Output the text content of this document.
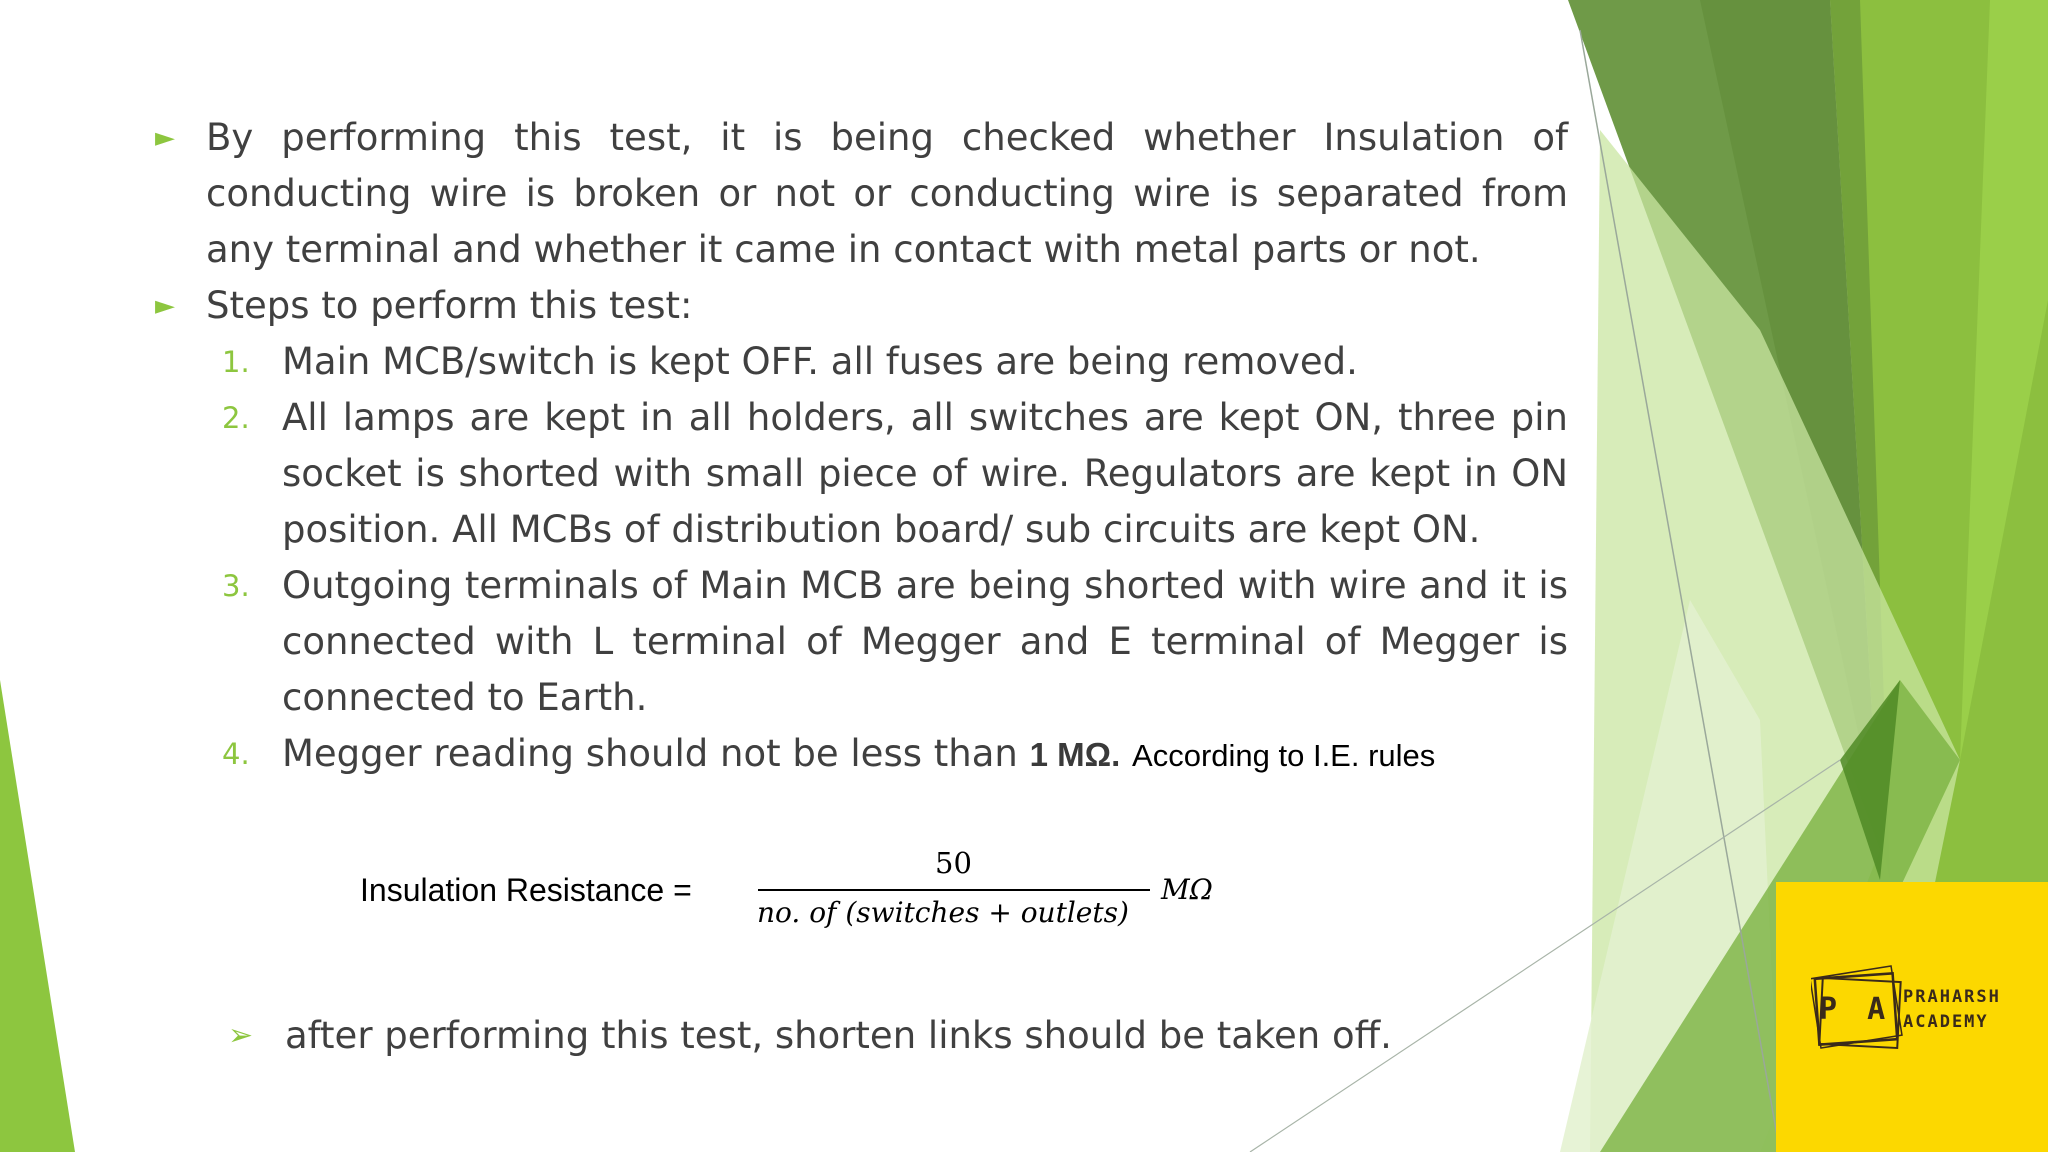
► By performing this test, it is being checked whether Insulation of conducting wire is broken or not or conducting wire is separated from any terminal and whether it came in contact with metal parts or not.
► Steps to perform this test:
1. Main MCB/switch is kept OFF. all fuses are being removed.
2. All lamps are kept in all holders, all switches are kept ON, three pin socket is shorted with small piece of wire. Regulators are kept in ON position. All MCBs of distribution board/ sub circuits are kept ON.
3. Outgoing terminals of Main MCB are being shorted with wire and it is connected with L terminal of Megger and E terminal of Megger is connected to Earth.
4. Megger reading should not be less than 1 MΩ. According to I.E. rules
Insulation Resistance =
50
no. of (switches + outlets)
MΩ
➢ after performing this test, shorten links should be taken off.
P A PRAHARSH
ACADEMY
